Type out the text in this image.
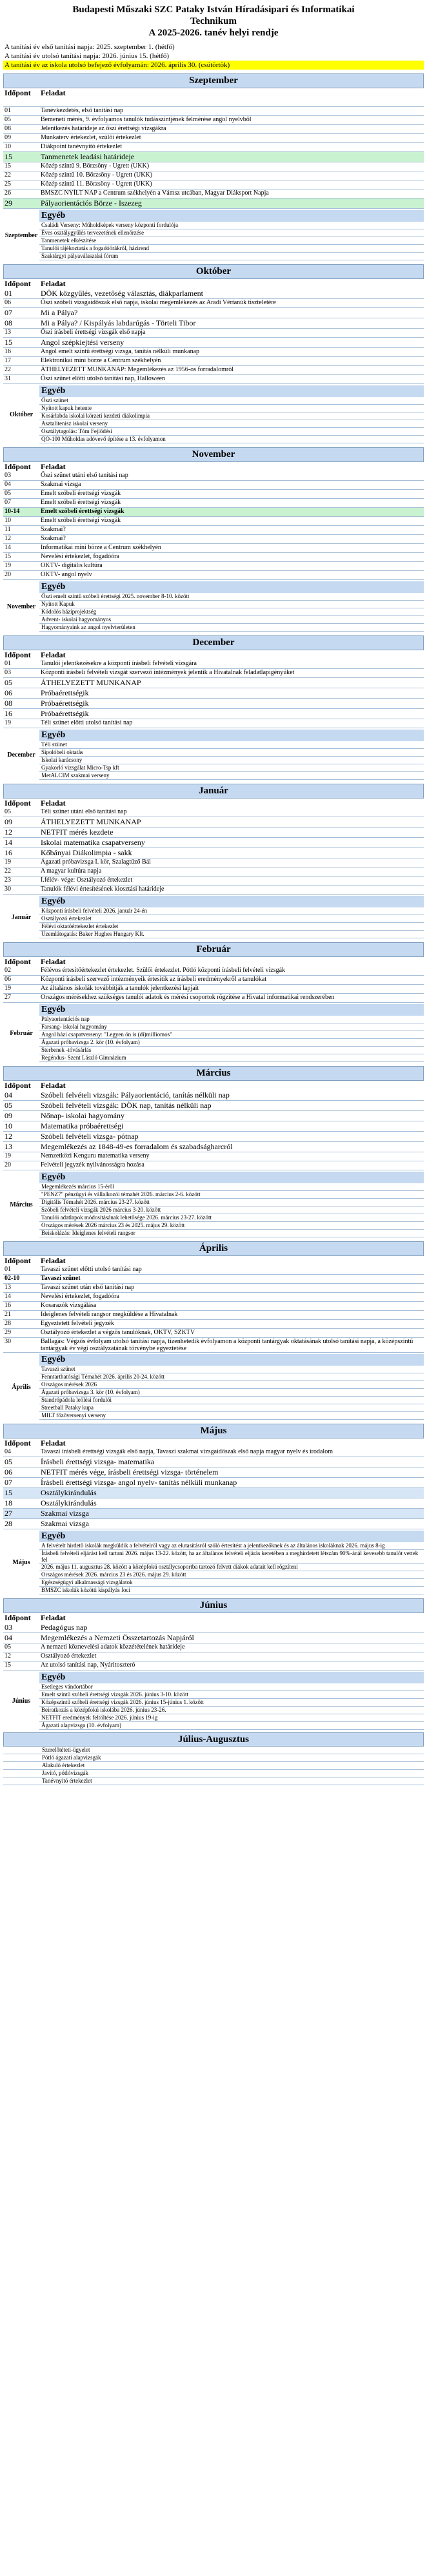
Budapesti Műszaki SZC Pataky István Híradásipari és Informatikai
Technikum
A 2025-2026. tanév helyi rendje
A tanítási év első tanítási napja: 2025. szeptember 1. (hétfő)
A tanítási év utolsó tanítási napja: 2026. június 15. (hétfő)
A tanítási év az iskola utolsó befejező évfolyamán: 2026. április 30. (csütörtök)
Szeptember
Időpont	Feladat
01	Tanévkezdetés, első tanítási nap
05	Bemeneti mérés, 9. évfolyamos tanulók tudásszintjének felmérése angol nyelvből
08	Jelentkezés határideje az őszi érettségi vizsgákra
09	Munkaterv értekezlet, szülői értekezlet
10	Diákpoint tanévnyitó értekezlet
15	Tanmenetek leadási határideje
15	Közép szintű 9. Börzsöny - Ugrett (UKK)
22	Közép szintű 10. Börzsöny - Ugrett (UKK)
25	Közép szintű 11. Börzsöny - Ugrett (UKK)
26	BMSZC NYÍLT NAP a Centrum székhelyén a Vámsz utcában, Magyar Diáksport Napja
29	Pályaorientációs Börze - Iszezeg
Szeptember
Egyéb
Családi Verseny: Műholdképek verseny központi fordulója
Éves osztálygyűlés tervezetének ellenőrzése
Tanmenetek elkészítése
Tanulói tájékoztatás a fogadóórákról, házirend
Szaktárgyi pályaválasztási fórum
Október
Időpont	Feladat
01	DÖK közgyűlés, vezetőség választás, diákparlament
06	Őszi szóbeli vizsgaidőszak első napja, iskolai megemlékezés az Aradi Vértanúk tiszteletére
07	Mi a Pálya?
08	Mi a Pálya? / Kispályás labdarúgás - Törteli Tibor
13	Őszi írásbeli érettségi vizsgák első napja
15	Angol szépkiejtési verseny
16	Angol emelt szintű érettségi vizsga, tanítás nélküli munkanap
17	Elektronikai mini börze a Centrum székhelyén
22	ÁTHELYEZETT MUNKANAP: Megemlékezés az 1956-os forradalomról
31	Őszi szünet előtti utolsó tanítási nap, Halloween
Október
Egyéb
Őszi szünet
Nyitott kapuk hetente
Kosárlabda iskolai körzeti kezdeti diákolimpia
Asztalitenisz iskolai verseny
Osztálytagolás: Tóm Fejlődési
QO-100 Műholdas adóvevő építése a 13. évfolyamon
November
Időpont	Feladat
03	Őszi szünet utáni első tanítási nap
04	Szakmai vizsga
05	Emelt szóbeli érettségi vizsgák
07	Emelt szóbeli érettségi vizsgák
10-14	Emelt szóbeli érettségi vizsgák
10	Emelt szóbeli érettségi vizsgák
11	Szakmai?
12	Szakmai?
14	Informatikai mini börze a Centrum székhelyén
15	Nevelési értekezlet, fogadóóra
19	OKTV- digitális kultúra
20	OKTV- angol nyelv
November
Egyéb
Őszi emelt szintű szóbeli érettségi 2025. november 8-10. között
Nyitott Kapuk
Kódolós háziprojektség
Advent- iskolai hagyományos
Hagyományaink az angol nyelvterületen
December
Időpont	Feladat
01	Tanulói jelentkezésekre a központi írásbeli felvételi vizsgára
03	Központi írásbeli felvételi vizsgát szervező intézmények jelentik a Hivatalnak feladatlapigényüket
05	ÁTHELYEZETT MUNKANAP
06	Próbaérettségik
08	Próbaérettségik
16	Próbaérettségik
19	Téli szünet előtti utolsó tanítási nap
December
Egyéb
Téli szünet
Sípolóbeli oktatás
Iskolai karácsony
Gyakorló vizsgálat Micro-Tsp kft
MetALCIM szakmai verseny
Január
Időpont	Feladat
05	Téli szünet utáni első tanítási nap
09	ÁTHELYEZETT MUNKANAP
12	NETFIT mérés kezdete
14	Iskolai matematika csapatverseny
16	Kőbányai Diákolimpia - sakk
19	Ágazati próbavizsga I. kör, Szalagtűző Bál
22	A magyar kultúra napja
23	I.félév- vége: Osztályozó értekezlet
30	Tanulók félévi értesítésének kiosztási határideje
Január
Egyéb
Központi írásbeli felvételi 2026. január 24-én
Osztályozó értekezlet
Félévi oktatóértekezlet értekezlet
Üzemlátogatás: Baker Hughes Hungary Kft.
Február
Időpont	Feladat
02	Félévos értesítőértekezlet értekezlet. Szülői értekezlet. Pótló központi írásbeli felvételi vizsgák
06	Központi írásbeli szervező intézményeik értesítik az írásbeli eredményekről a tanulókat
19	Az általános iskolák továbbítják a tanulók jelentkezési lapjait
27	Országos mérésekhez szükséges tanulói adatok és mérési csoportok rögzítése a Hivatal informatikai rendszerében
Február
Egyéb
Pályaorientációs nap
Farsang- iskolai hagyomány
Angol házi csapatverseny: "Legyen ön is (di)milliomos"
Ágazati próbavizsga 2. kör (10. évfolyam)
Sterbenek -tóvásárlás
Regéndus- Szent László Gimnázium
Március
Időpont	Feladat
04	Szóbeli felvételi vizsgák: Pályaorientáció, tanítás nélküli nap
05	Szóbeli felvételi vizsgák: DÖK nap, tanítás nélküli nap
09	Nőnap- iskolai hagyomány
10	Matematika próbaérettségi
12	Szóbeli felvételi vizsga- pótnap
13	Megemlékezés az 1848-49-es forradalom és szabadságharcról
19	Nemzetközi Kenguru matematika verseny
20	Felvételi jegyzék nyilvánosságra hozása
Március
Egyéb
Megemlékezés március 15-éről
"PENZ7" pénzügyi és vállalkozói témahét 2026. március 2-6. között
Digitális Témahét 2026. március 23-27. között
Szóbeli felvételi vizsgák 2026 március 3-20. között
Tanulói adatlapok módosításának lehetősége 2026. március 23-27. között
Országos mérések 2026 március 23 és 2025. május 29. között
Beiskolázás: Ideiglenes felvételi rangsor
Április
Időpont	Feladat
01	Tavaszi szünet előtti utolsó tanítási nap
02-10	Tavaszi szünet
13	Tavaszi szünet után első tanítási nap
14	Nevelési értekezlet, fogadóóra
16	Kosarazók vizsgálása
21	Ideiglenes felvételi rangsor megküldése a Hivatalnak
28	Egyeztetett felvételi jegyzék
29	Osztályozó értekezlet a végzős tanulóknak, OKTV, SZKTV
30	Ballagás: Végzős évfolyam utolsó tanítási napja, tizenhetedik évfolyamon a központi tantárgyak oktatásának utolsó tanítási napja, a középszintű tantárgyak év végi osztályzatának törvénybe egyeztetése
Április
Egyéb
Tavaszi szünet
Fenntarthatósági Témahét 2026. április 20-24. között
Országos mérések 2026
Ágazati próbavizsga 3. kör (10. évfolyam)
Standrópádola leölési fordulói
Streetball Pataky kupa
MILT főzőversenyi verseny
Május
Időpont	Feladat
04	Tavaszi írásbeli érettségi vizsgák első napja, Tavaszi szakmai vizsgaidőszak első napja magyar nyelv és irodalom
05	Írásbeli érettségi vizsga- matematika
06	NETFIT mérés vége, írásbeli érettségi vizsga- történelem
07	Írásbeli érettségi vizsga- angol nyelv- tanítás nélküli munkanap
15	Osztálykirándulás
18	Osztálykirándulás
27	Szakmai vizsga
28	Szakmai vizsga
Május
Egyéb
A felvételt hirdető iskolák megküldik a felvételről vagy az elutasításról szóló értesítést a jelentkezőknek és az általános iskoláknak 2026. május 8-ig
Írásbeli felvételi eljárást kell tartani 2026. május 13-22. között, ha az általános felvételi eljárás keretében a meghirdetett létszám 90%-ánál kevesebb tanulót vettek fel
2026. május 11. augusztus 28. között a középfokú osztálycsoportba tartozó felvett diákok adatait kell rögzíteni
Országos mérések 2026. március 23 és 2026. május 29. között
Egészségügyi alkalmassági vizsgálatok
BMSZC iskolák közötti kispályás foci
Június
Időpont	Feladat
03	Pedagógus nap
04	Megemlékezés a Nemzeti Összetartozás Napjáról
05	A nemzeti köznevelési adatok közzétételének határideje
12	Osztályozó értekezlet
15	Az utolsó tanítási nap, Nyáritoszteró
Június
Egyéb
Esetleges vándortábor
Emelt szintű szóbeli érettségi vizsgák 2026. június 3-10. között
Középszintű szóbeli érettségi vizsgák 2026. június 15-június 1. között
Beiratkozás a középfokú iskolába 2026. június 23-26.
NETFIT eredmények feltöltése 2026. június 19-ig
Ágazati alapvizsga (10. évfolyam)
Július-Augusztus
Szerelőtéteti-ügyelet
Pótló ágazati alapvizsgák
Alakuló értekezlet
Javító, pótlóvizsgák
Tanévnyitó értekezlet
